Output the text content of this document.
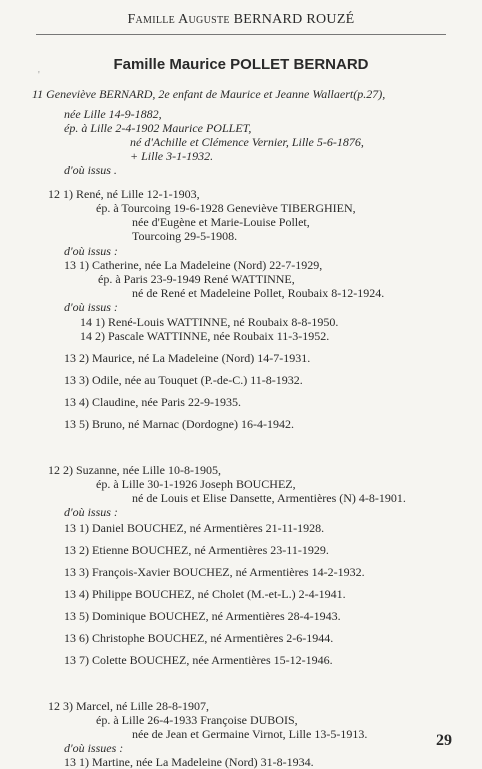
Famille Auguste BERNARD ROUZÉ
Famille Maurice POLLET BERNARD
'
11 Geneviève BERNARD, 2e enfant de Maurice et Jeanne Wallaert(p.27),
née Lille 14-9-1882,
ép. à Lille 2-4-1902 Maurice POLLET,
né d'Achille et Clémence Vernier, Lille 5-6-1876,
+ Lille 3-1-1932.
d'où issus .
12 1) René, né Lille 12-1-1903,
ép. à Tourcoing 19-6-1928 Geneviève TIBERGHIEN,
née d'Eugène et Marie-Louise Pollet,
Tourcoing 29-5-1908.
d'où issus :
13 1) Catherine, née La Madeleine (Nord) 22-7-1929,
ép. à Paris 23-9-1949 René WATTINNE,
né de René et Madeleine Pollet, Roubaix 8-12-1924.
d'où issus :
14 1) René-Louis WATTINNE, né Roubaix 8-8-1950.
14 2) Pascale WATTINNE, née Roubaix 11-3-1952.
13 2) Maurice, né La Madeleine (Nord) 14-7-1931.
13 3) Odile, née au Touquet (P.-de-C.) 11-8-1932.
13 4) Claudine, née Paris 22-9-1935.
13 5) Bruno, né Marnac (Dordogne) 16-4-1942.
12 2) Suzanne, née Lille 10-8-1905,
ép. à Lille 30-1-1926 Joseph BOUCHEZ,
né de Louis et Elise Dansette, Armentières (N) 4-8-1901.
d'où issus :
13 1) Daniel BOUCHEZ, né Armentières 21-11-1928.
13 2) Etienne BOUCHEZ, né Armentières 23-11-1929.
13 3) François-Xavier BOUCHEZ, né Armentières 14-2-1932.
13 4) Philippe BOUCHEZ, né Cholet (M.-et-L.) 2-4-1941.
13 5) Dominique BOUCHEZ, né Armentières 28-4-1943.
13 6) Christophe BOUCHEZ, né Armentières 2-6-1944.
13 7) Colette BOUCHEZ, née Armentières 15-12-1946.
12 3) Marcel, né Lille 28-8-1907,
ép. à Lille 26-4-1933 Françoise DUBOIS,
née de Jean et Germaine Virnot, Lille 13-5-1913.
d'où issues :
13 1) Martine, née La Madeleine (Nord) 31-8-1934.
29
